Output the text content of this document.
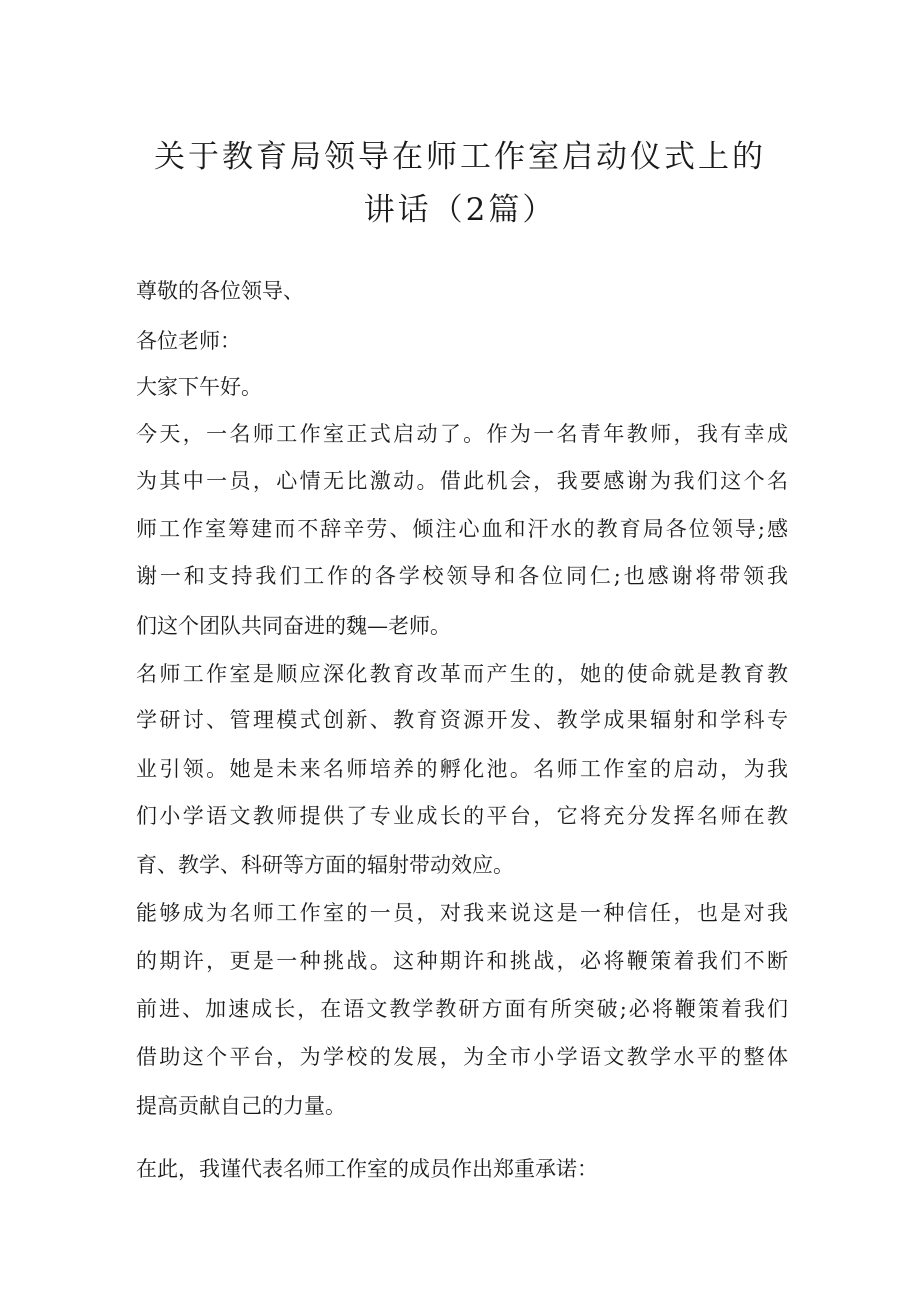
关于教育局领导在师工作室启动仪式上的
讲话（2篇）

尊敬的各位领导、

各位老师：

大家下午好。

今天，一名师工作室正式启动了。作为一名青年教师，我有幸成

为其中一员，心情无比激动。借此机会，我要感谢为我们这个名

师工作室筹建而不辞辛劳、倾注心血和汗水的教育局各位领导;感

谢一和支持我们工作的各学校领导和各位同仁;也感谢将带领我

们这个团队共同奋进的魏—老师。

名师工作室是顺应深化教育改革而产生的，她的使命就是教育教

学研讨、管理模式创新、教育资源开发、教学成果辐射和学科专

业引领。她是未来名师培养的孵化池。名师工作室的启动，为我

们小学语文教师提供了专业成长的平台，它将充分发挥名师在教

育、教学、科研等方面的辐射带动效应。

能够成为名师工作室的一员，对我来说这是一种信任，也是对我

的期许，更是一种挑战。这种期许和挑战，必将鞭策着我们不断

前进、加速成长，在语文教学教研方面有所突破;必将鞭策着我们

借助这个平台，为学校的发展，为全市小学语文教学水平的整体

提高贡献自己的力量。

在此，我谨代表名师工作室的成员作出郑重承诺：
